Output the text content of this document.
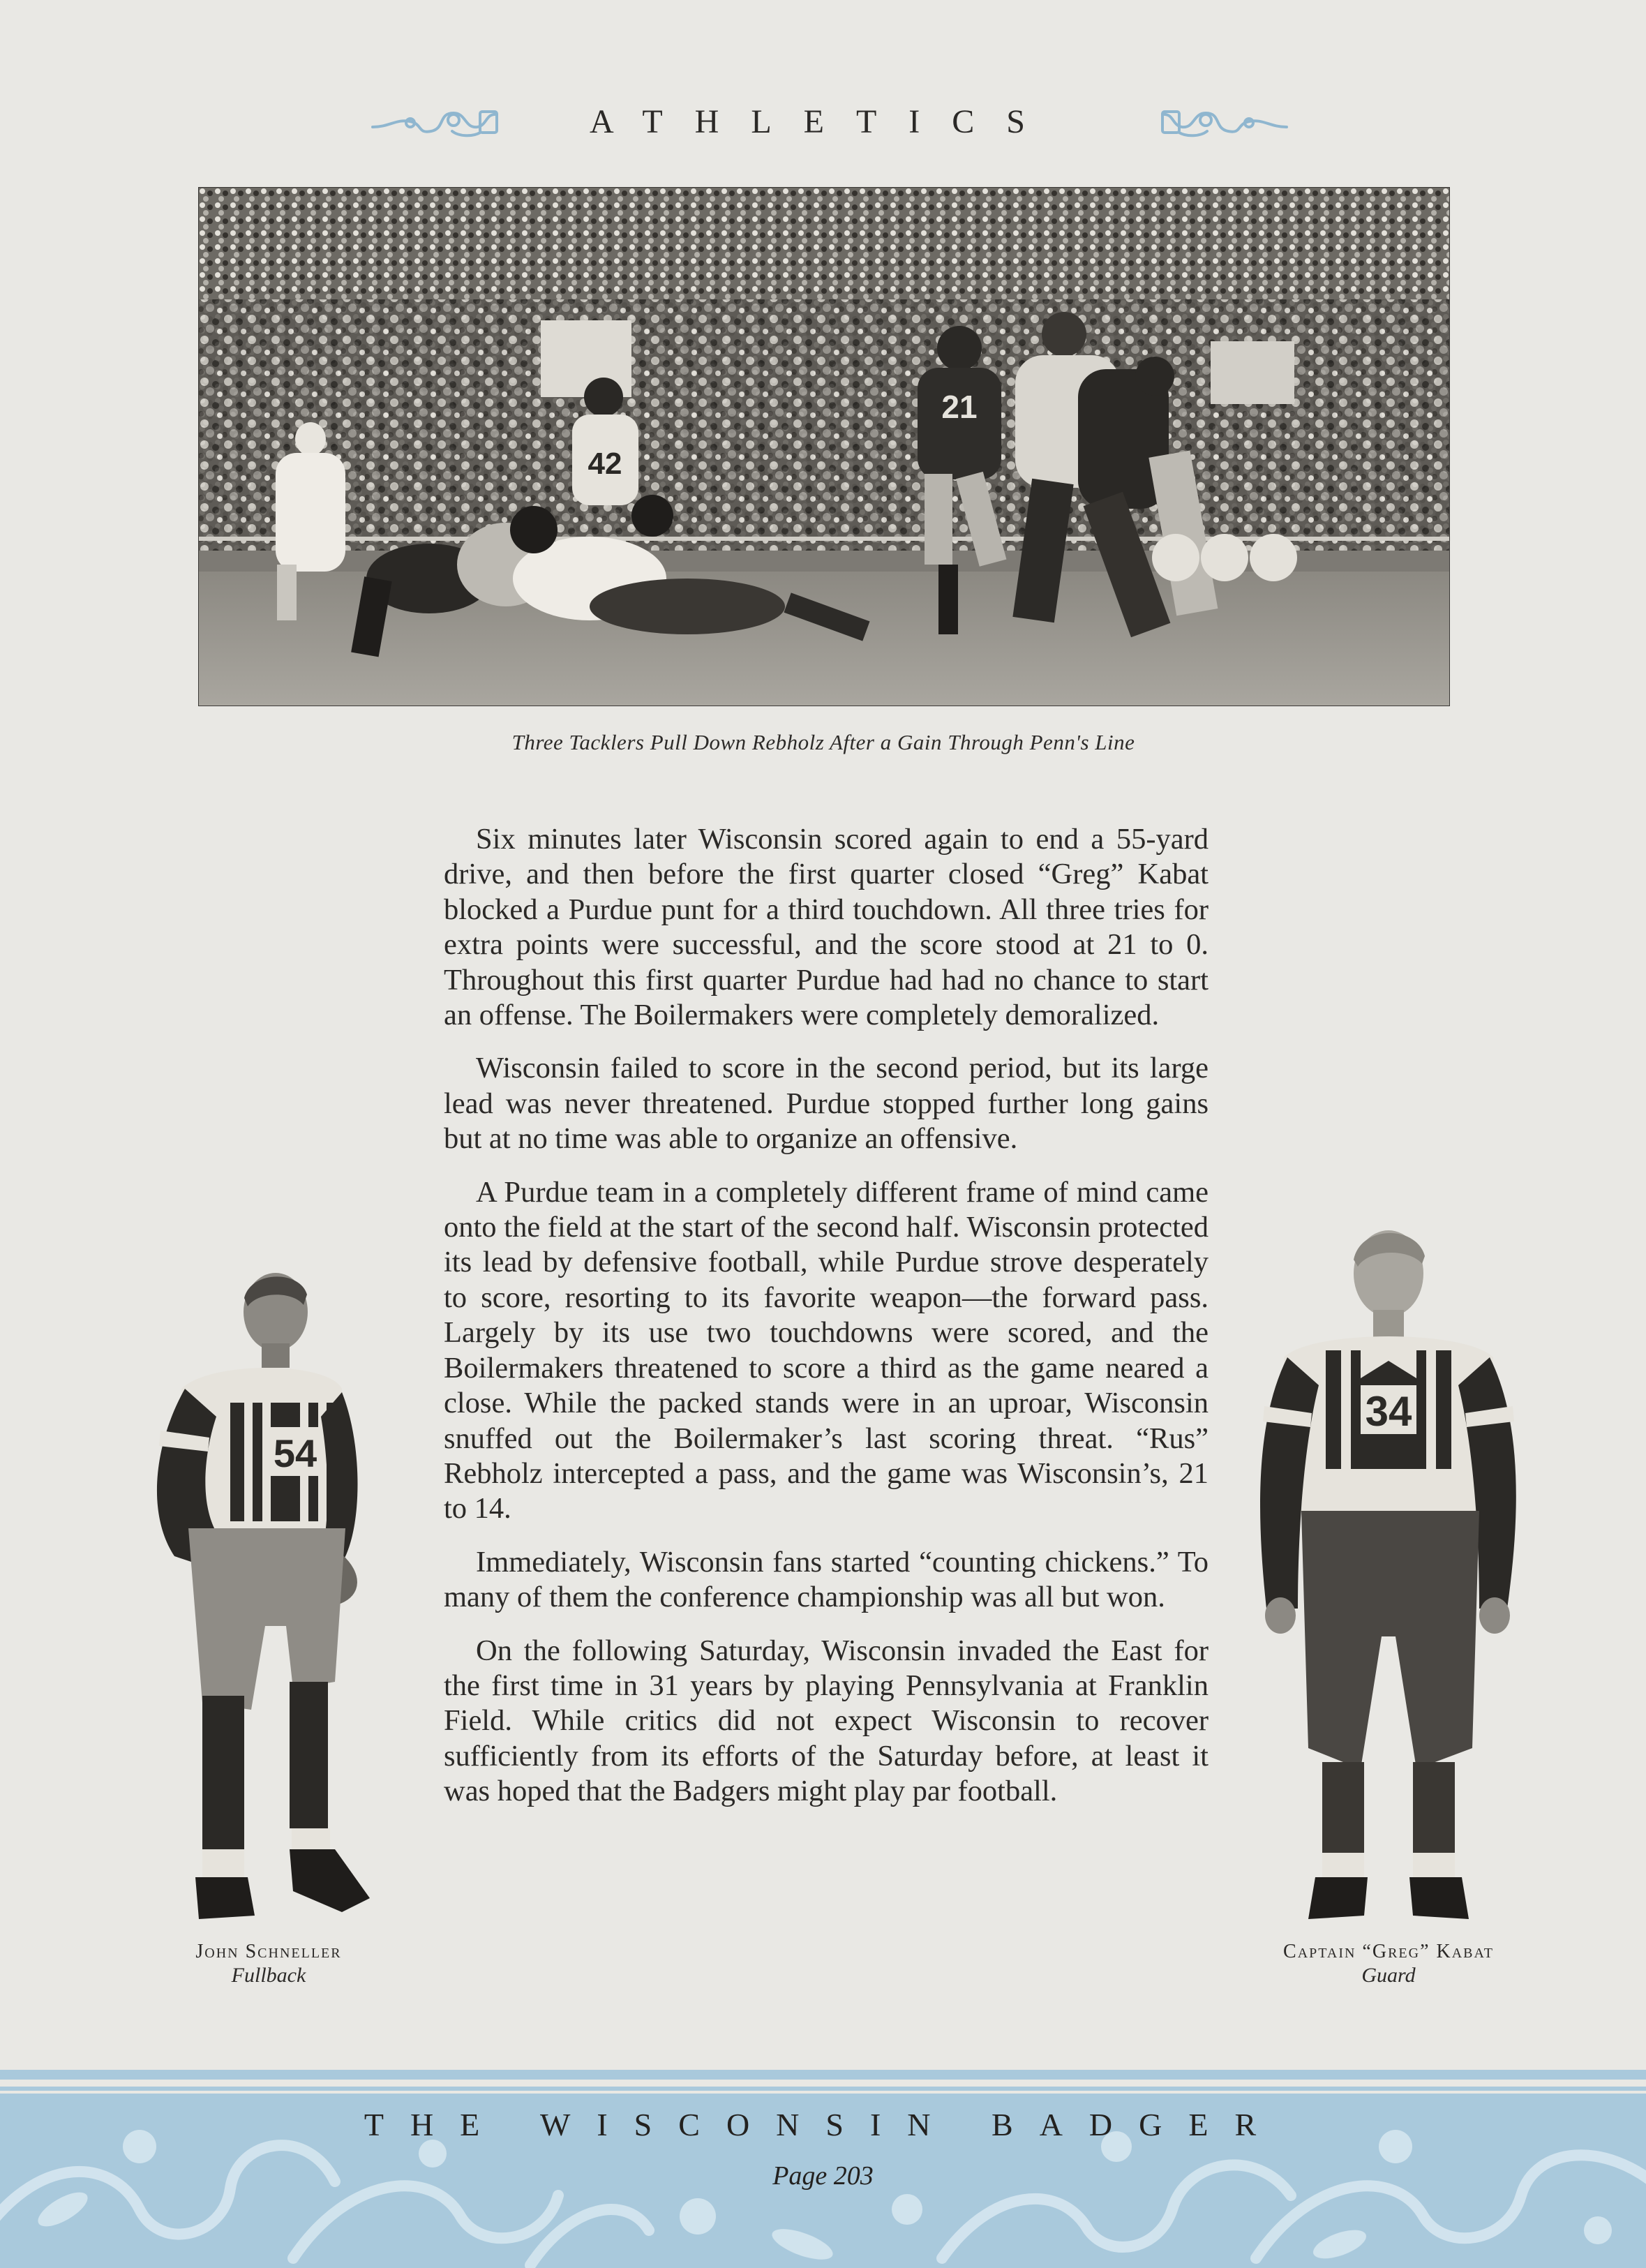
ATHLETICS
42
21
Three Tacklers Pull Down Rebholz After a Gain Through Penn's Line

Six minutes later Wisconsin scored again to end a 55-yard drive, and then before the first quarter closed “Greg” Kabat blocked a Purdue punt for a third touchdown. All three tries for extra points were successful, and the score stood at 21 to 0. Throughout this first quarter Purdue had had no chance to start an offense. The Boilermakers were completely demoralized.

Wisconsin failed to score in the second period, but its large lead was never threatened. Purdue stopped further long gains but at no time was able to organize an offensive.

A Purdue team in a completely different frame of mind came onto the field at the start of the second half. Wisconsin protected its lead by defensive football, while Purdue strove desperately to score, resorting to its favorite weapon—the forward pass. Largely by its use two touchdowns were scored, and the Boilermakers threatened to score a third as the game neared a close. While the packed stands were in an uproar, Wisconsin snuffed out the Boilermaker’s last scoring threat. “Rus” Rebholz intercepted a pass, and the game was Wisconsin’s, 21 to 14.

Immediately, Wisconsin fans started “counting chickens.” To many of them the conference championship was all but won.

On the following Saturday, Wisconsin invaded the East for the first time in 31 years by playing Pennsylvania at Franklin Field. While critics did not expect Wisconsin to recover sufficiently from its efforts of the Saturday before, at least it was hoped that the Badgers might play par football.

54
John Schneller
Fullback
34
Captain “Greg” Kabat
Guard
THE WISCONSIN BADGER
Page 203
